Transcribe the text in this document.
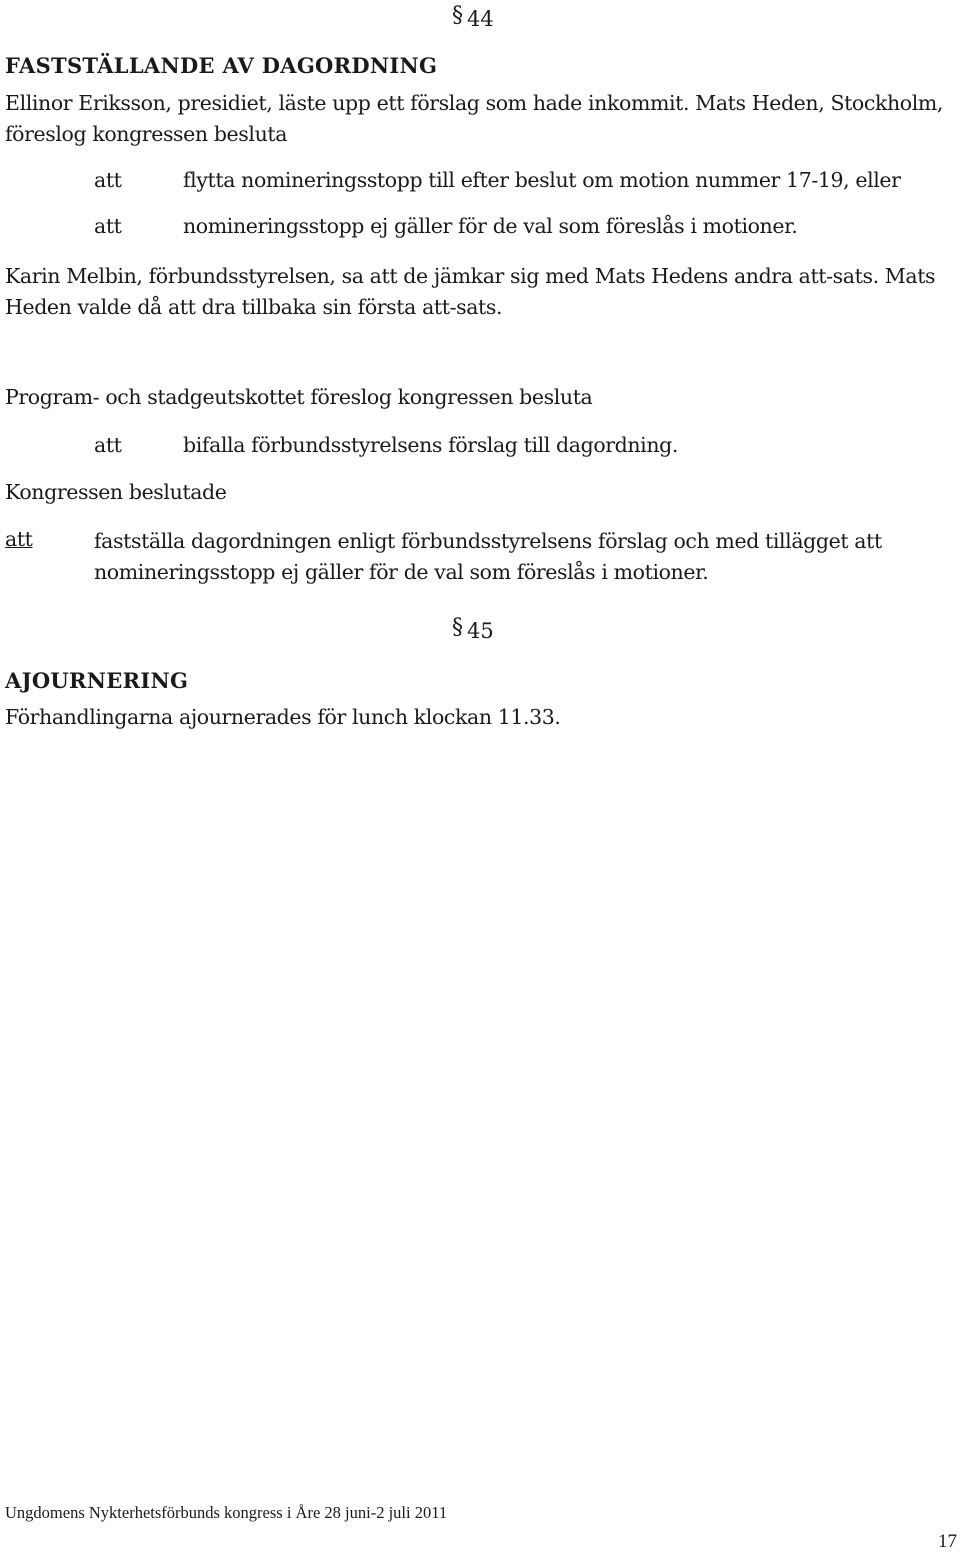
§ 44
FASTSTÄLLANDE AV DAGORDNING
Ellinor Eriksson, presidiet, läste upp ett förslag som hade inkommit. Mats Heden, Stockholm, föreslog kongressen besluta
att	flytta nomineringsstopp till efter beslut om motion nummer 17-19, eller
att	nomineringsstopp ej gäller för de val som föreslås i motioner.
Karin Melbin, förbundsstyrelsen, sa att de jämkar sig med Mats Hedens andra att-sats. Mats Heden valde då att dra tillbaka sin första att-sats.
Program- och stadgeutskottet föreslog kongressen besluta
att	bifalla förbundsstyrelsens förslag till dagordning.
Kongressen beslutade
att	fastställa dagordningen enligt förbundsstyrelsens förslag och med tillägget att nomineringsstopp ej gäller för de val som föreslås i motioner.
§ 45
AJOURNERING
Förhandlingarna ajournerades för lunch klockan 11.33.
Ungdomens Nykterhetsförbunds kongress i Åre 28 juni-2 juli 2011
17
